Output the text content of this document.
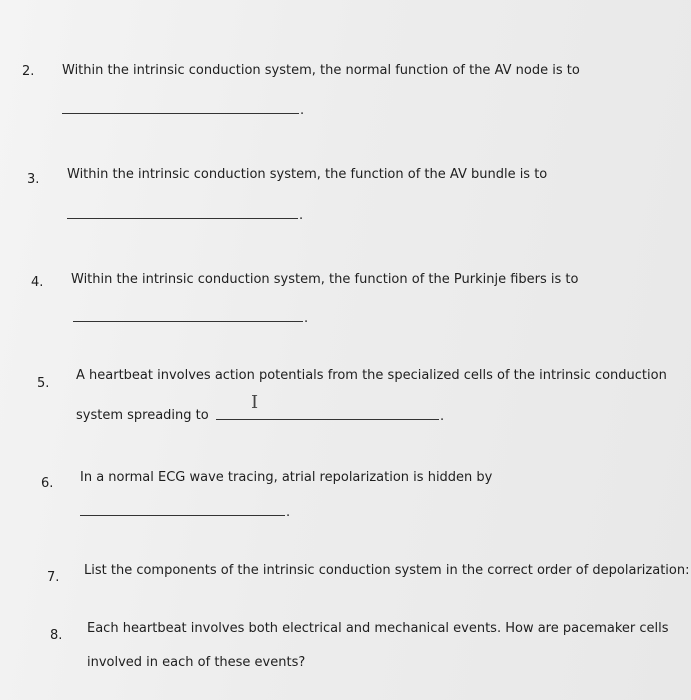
2. Within the intrinsic conduction system, the normal function of the AV node is to
.
3. Within the intrinsic conduction system, the function of the AV bundle is to
.
4. Within the intrinsic conduction system, the function of the Purkinje fibers is to
.
5.
A heartbeat involves action potentials from the specialized cells of the intrinsic conduction
system spreading to	.
I
6. In a normal ECG wave tracing, atrial repolarization is hidden by
.
7. List the components of the intrinsic conduction system in the correct order of depolarization:
8. Each heartbeat involves both electrical and mechanical events. How are pacemaker cells
involved in each of these events?
